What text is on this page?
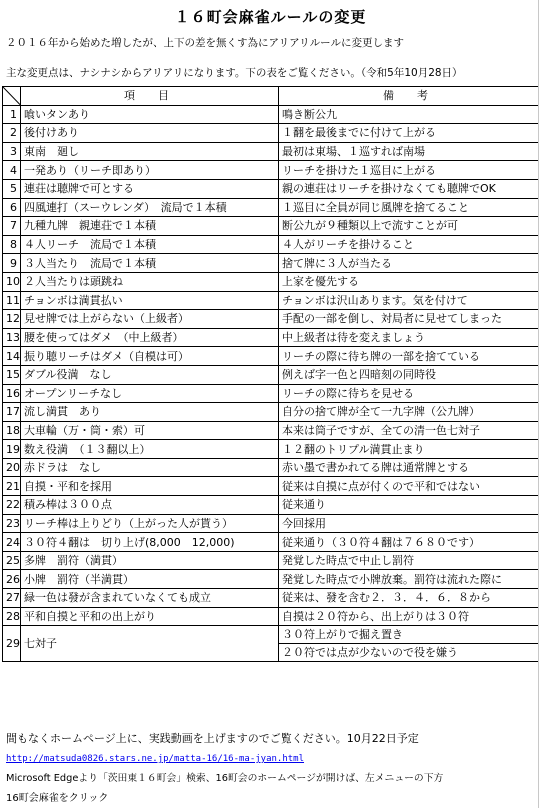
１６町会麻雀ルールの変更
２０１６年から始めた増したが、上下の差を無くす為にアリアリルールに変更します
主な変更点は、ナシナシからアリアリになります。下の表をご覧ください。（令和5年10月28日）
	項　目	備　考
1	喰いタンあり	鳴き断公九
2	後付けあり	１翻を最後までに付けて上がる
3	東南　廻し	最初は東場、１巡すれば南場
4	一発あり（リーチ即あり）	リーチを掛けた１巡目に上がる
5	連荘は聴牌で可とする	親の連荘はリーチを掛けなくても聴牌でOK
6	四風連打（スーウレンダ）　流局で１本積	１巡目に全員が同じ風牌を捨てること
7	九種九牌　親連荘で１本積	断公九が９種類以上で流すことが可
8	４人リーチ　流局で１本積	４人がリーチを掛けること
9	３人当たり　流局で１本積	捨て牌に３人が当たる
10	２人当たりは頭跳ね	上家を優先する
11	チョンボは満貫払い	チョンボは沢山あります。気を付けて
12	見せ牌では上がらない（上級者）	手配の一部を倒し、対局者に見せてしまった
13	腰を使ってはダメ　（中上級者）	中上級者は待を変えましょう
14	振り聴リーチはダメ（自模は可）	リーチの際に待ち牌の一部を捨てている
15	ダブル役満　なし	例えば字一色と四暗刻の同時役
16	オープンリーチなし	リーチの際に待ちを見せる
17	流し満貫　あり	自分の捨て牌が全て一九字牌（公九牌）
18	大車輪（万・筒・索）可	本来は筒子ですが、全ての清一色七対子
19	数え役満　（１３翻以上）	１２翻のトリプル満貫止まり
20	赤ドラは　なし	赤い墨で書かれてる牌は通常牌とする
21	自摸・平和を採用	従来は自摸に点が付くので平和ではない
22	積み棒は３００点	従来通り
23	リーチ棒は上りどり（上がった人が貰う）	今回採用
24	３０符４翻は　切り上げ(8,000　12,000)	従来通り（３０符４翻は７６８０です）
25	多牌　罰符（満貫）	発覚した時点で中止し罰符
26	小牌　罰符（半満貫）	発覚した時点で小牌放棄。罰符は流れた際に
27	緑一色は發が含まれていなくても成立	従来は、發を含む２．３．４．６．８から
28	平和自摸と平和の出上がり	自摸は２０符から、出上がりは３０符
29	七対子	３０符上がりで掘え置き
２０符では点が少ないので役を嫌う
間もなくホームページ上に、実践動画を上げますのでご覧ください。10月22日予定
http://matsuda0826.stars.ne.jp/matta-16/16-ma-jyan.html
Microsoft Edgeより「茨田東１６町会」検索、16町会のホームページが開けば、左メニューの下方
16町会麻雀をクリック
